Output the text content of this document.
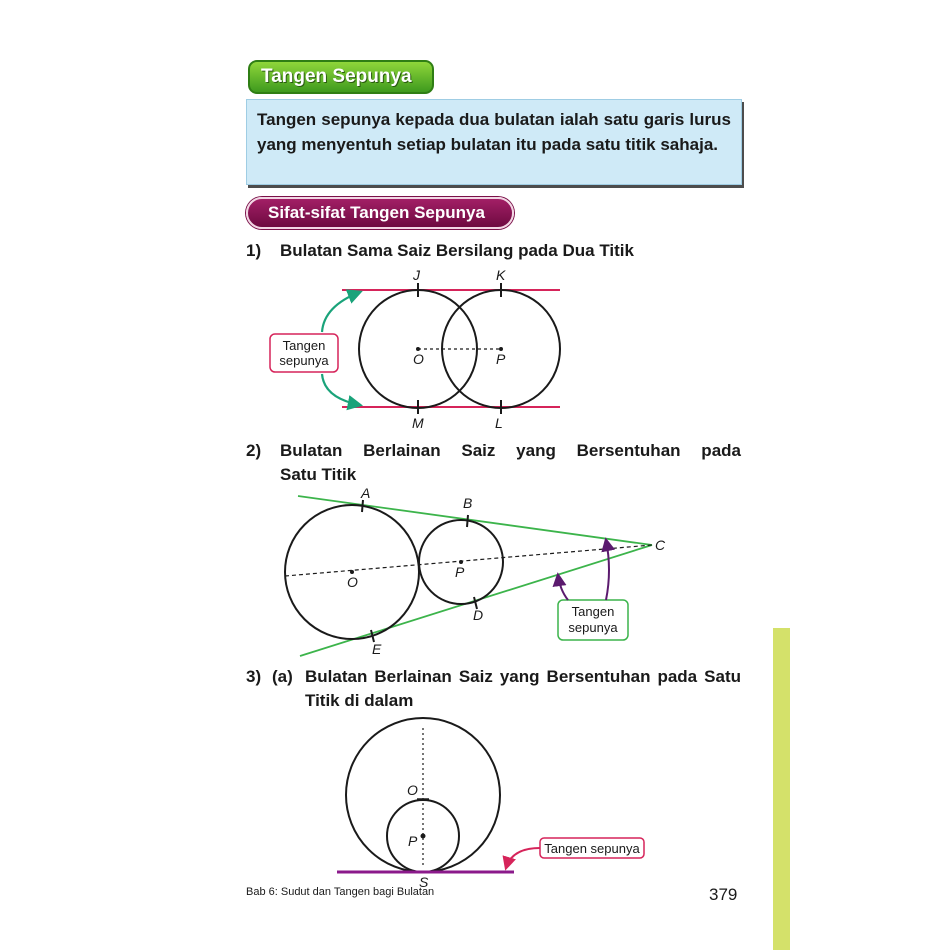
Tangen Sepunya
Tangen sepunya kepada dua bulatan ialah satu garis lurus yang menyentuh setiap bulatan itu pada satu titik sahaja.
Sifat-sifat Tangen Sepunya
1) Bulatan Sama Saiz Bersilang pada Dua Titik
2) Bulatan Berlainan Saiz yang Bersentuhan pada
Satu Titik
3) (a) Bulatan Berlainan Saiz yang Bersentuhan pada Satu
Titik di dalam
J	K
O	P
M	L
Tangen
sepunya
A
B
C
O
P
D
E
Tangen
sepunya
O
P
S
Tangen sepunya
Bab 6: Sudut dan Tangen bagi Bulatan	379
